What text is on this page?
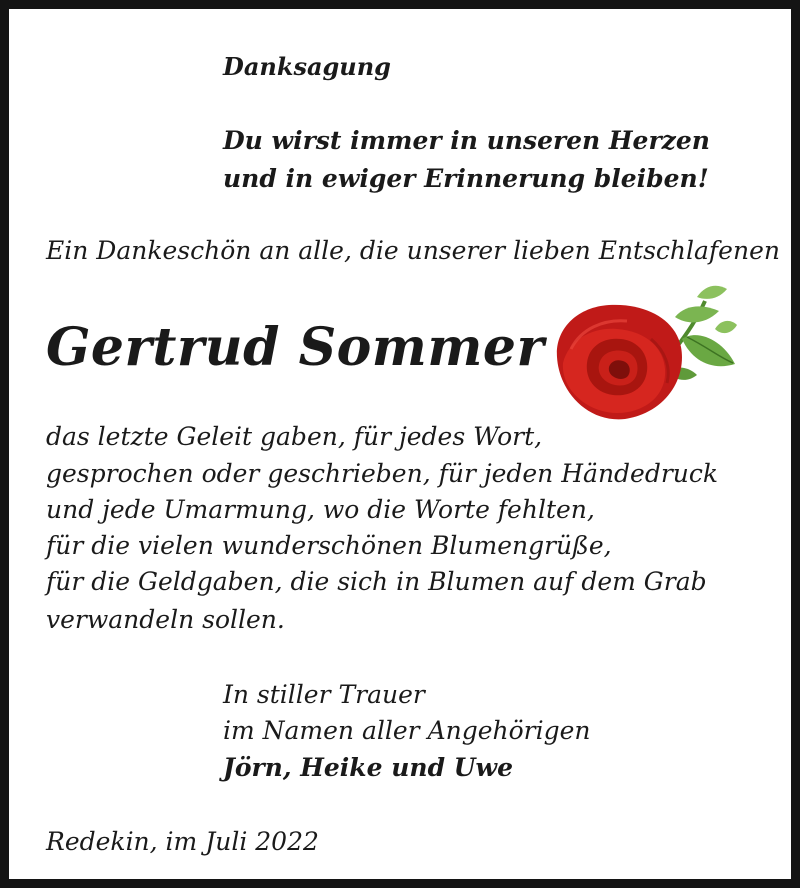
Danksagung
Du wirst immer in unseren Herzen
und in ewiger Erinnerung bleiben!
Ein Dankeschön an alle, die unserer lieben Entschlafenen
Gertrud Sommer
das letzte Geleit gaben, für jedes Wort,
gesprochen oder geschrieben, für jeden Händedruck
und jede Umarmung, wo die Worte fehlten,
für die vielen wunderschönen Blumengrüße,
für die Geldgaben, die sich in Blumen auf dem Grab
verwandeln sollen.
In stiller Trauer
im Namen aller Angehörigen
Jörn, Heike und Uwe
Redekin, im Juli 2022
